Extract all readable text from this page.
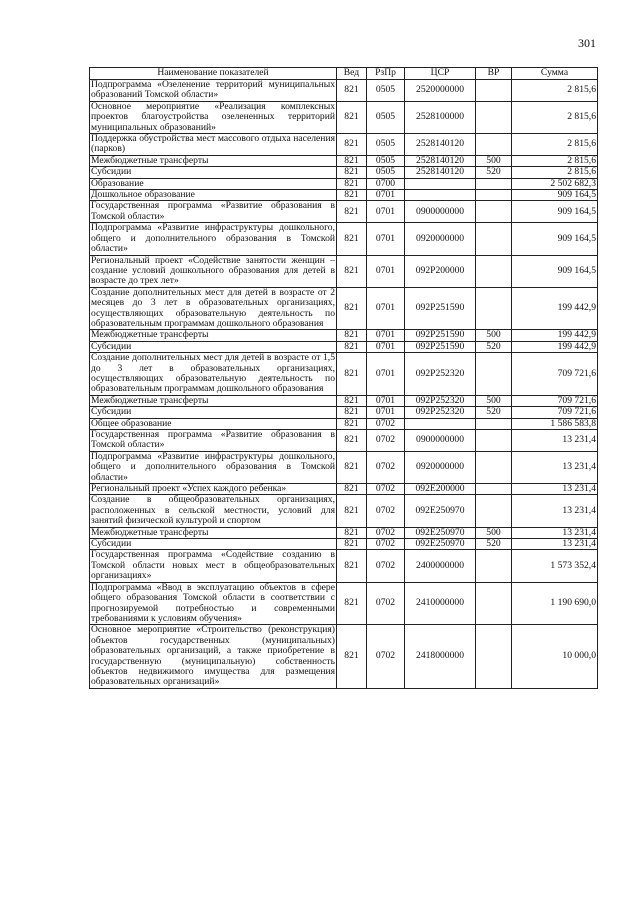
301
Наименование показателей	Вед	РзПр	ЦСР	ВР	Сумма
Подпрограмма «Озеленение территорий муниципальных образований Томской области»	821	0505	2520000000		2 815,6
Основное мероприятие «Реализация комплексных проектов благоустройства озелененных территорий муниципальных образований»	821	0505	2528100000		2 815,6
Поддержка обустройства мест массового отдыха населения (парков)	821	0505	2528140120		2 815,6
Межбюджетные трансферты	821	0505	2528140120	500	2 815,6
Субсидии	821	0505	2528140120	520	2 815,6
Образование	821	0700			2 502 682,3
Дошкольное образование	821	0701			909 164,5
Государственная программа «Развитие образования в Томской области»	821	0701	0900000000		909 164,5
Подпрограмма «Развитие инфраструктуры дошкольного, общего и дополнительного образования в Томской области»	821	0701	0920000000		909 164,5
Региональный проект «Содействие занятости женщин – создание условий дошкольного образования для детей в возрасте до трех лет»	821	0701	092P200000		909 164,5
Создание дополнительных мест для детей в возрасте от 2 месяцев до 3 лет в образовательных организациях, осуществляющих образовательную деятельность по образовательным программам дошкольного образования	821	0701	092P251590		199 442,9
Межбюджетные трансферты	821	0701	092P251590	500	199 442,9
Субсидии	821	0701	092P251590	520	199 442,9
Создание дополнительных мест для детей в возрасте от 1,5 до 3 лет в образовательных организациях, осуществляющих образовательную деятельность по образовательным программам дошкольного образования	821	0701	092P252320		709 721,6
Межбюджетные трансферты	821	0701	092P252320	500	709 721,6
Субсидии	821	0701	092P252320	520	709 721,6
Общее образование	821	0702			1 586 583,8
Государственная программа «Развитие образования в Томской области»	821	0702	0900000000		13 231,4
Подпрограмма «Развитие инфраструктуры дошкольного, общего и дополнительного образования в Томской области»	821	0702	0920000000		13 231,4
Региональный проект «Успех каждого ребенка»	821	0702	092E200000		13 231,4
Создание в общеобразовательных организациях, расположенных в сельской местности, условий для занятий физической культурой и спортом	821	0702	092E250970		13 231,4
Межбюджетные трансферты	821	0702	092E250970	500	13 231,4
Субсидии	821	0702	092E250970	520	13 231,4
Государственная программа «Содействие созданию в Томской области новых мест в общеобразовательных организациях»	821	0702	2400000000		1 573 352,4
Подпрограмма «Ввод в эксплуатацию объектов в сфере общего образования Томской области в соответствии с прогнозируемой потребностью и современными требованиями к условиям обучения»	821	0702	2410000000		1 190 690,0
Основное мероприятие «Строительство (реконструкция) объектов государственных (муниципальных) образовательных организаций, а также приобретение в государственную (муниципальную) собственность объектов недвижимого имущества для размещения образовательных организаций»	821	0702	2418000000		10 000,0
